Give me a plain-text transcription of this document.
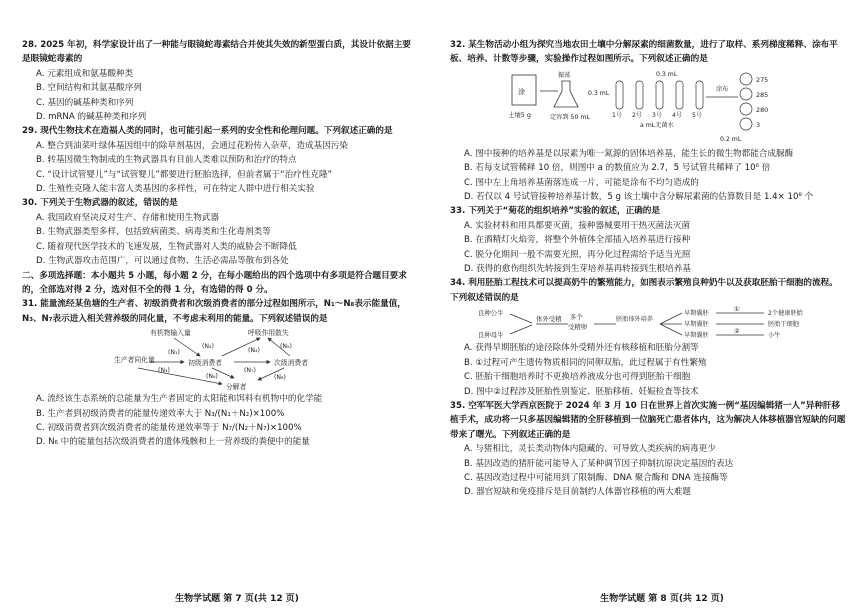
28. 2025 年初，科学家设计出了一种能与眼镜蛇毒素结合并使其失效的新型蛋白质，其设计依据主要是眼镜蛇毒素的
A. 元素组成和氨基酸种类
B. 空间结构和其氨基酸序列
C. 基因的碱基种类和序列
D. mRNA 的碱基种类和序列
29. 现代生物技术在造福人类的同时，也可能引起一系列的安全性和伦理问题。下列叙述正确的是
A. 整合到油菜叶绿体基因组中的除草剂基因，会通过花粉传入杂草，造成基因污染
B. 转基因微生物制成的生物武器具有目前人类难以预防和治疗的特点
C. “设计试管婴儿”与“试管婴儿”都要进行胚胎选择，但前者属于“治疗性克隆”
D. 生殖性克隆人能丰富人类基因的多样性，可在特定人群中进行相关实验
30. 下列关于生物武器的叙述，错误的是
A. 我国政府坚决反对生产、存储和使用生物武器
B. 生物武器类型多样，包括致病菌类、病毒类和生化毒剂类等
C. 随着现代医学技术的飞速发展，生物武器对人类的威胁会不断降低
D. 生物武器攻击范围广，可以通过食物、生活必需品等散布到各处
二、多项选择题：本小题共 5 小题，每小题 2 分，在每小题给出的四个选项中有多项是符合题目要求的，全部选对得 2 分，选对但不全的得 1 分，有选错的得 0 分。
31. 能量流经某鱼塘的生产者、初级消费者和次级消费者的部分过程如图所示，N₁～N₈表示能量值，N₃、N₇表示进入相关营养级的同化量，不考虑未利用的能量。下列叙述错误的是
有机物输入量	呼吸作用散失
生产者同化量	初级消费者	次级消费者
分解者
(N₁)
(N₂)
(N₃)
(N₄)
(N₅)
(N₆)
(N₇)
(N₈)
A. 流经该生态系统的总能量为生产者固定的太阳能和饵料有机物中的化学能
B. 生产者到初级消费者的能量传递效率大于 N₃/(N₁＋N₂)×100%
C. 初级消费者到次级消费者的能量传递效率等于 N₇/(N₂＋N₇)×100%
D. N₆ 中的能量包括次级消费者的遗体残骸和上一营养级的粪便中的能量
生物学试题 第 7 页(共 12 页)
32. 某生物活动小组为探究当地农田土壤中分解尿素的细菌数量，进行了取样、系列梯度稀释、涂布平板、培养、计数等步骤，实验操作过程如图所示。下列叙述正确的是
涂
土壤5 g
振荡
定容到 50 mL
0.3 mL
0.3 mL
1号 2号 3号 4号 5号
a mL无菌水
涂布
0.2 mL
275
285
280
3
A. 图中接种的培养基是以尿素为唯一氮源的固体培养基，能生长的微生物都能合成脲酶
B. 若每支试管稀释 10 倍，则图中 a 的数值应为 2.7，5 号试管共稀释了 10⁶ 倍
C. 图中左上角培养基菌落连成一片，可能是涂布不均匀造成的
D. 若仅以 4 号试管接种培养基计数，5 g 该土壤中含分解尿素菌的估算数目是 1.4× 10⁸ 个
33. 下列关于“菊花的组织培养”实验的叙述，正确的是
A. 实验材料和用具都要灭菌，接种器械要用干热灭菌法灭菌
B. 在酒精灯火焰旁，将整个外植体全部插入培养基进行接种
C. 脱分化期间一般不需要光照，再分化过程需给予适当光照
D. 获得的愈伤组织先转接到生芽培养基再转接到生根培养基
34. 利用胚胎工程技术可以提高奶牛的繁殖能力，如图表示繁殖良种奶牛以及获取胚胎干细胞的流程。下列叙述错误的是
良种公牛
良种母牛
体外受精 多个
受精卵
胚胎体外培养
早期囊胚
早期囊胚
早期囊胚
①
②
2个健康胚胎
胚胎干细胞
小牛
A. 获得早期胚胎的途径除体外受精外还有核移植和胚胎分割等
B. ①过程可产生遗传物质相同的同卵双胎，此过程属于有性繁殖
C. 胚胎干细胞培养时不更换培养液成分也可得到胚胎干细胞
D. 图中②过程涉及胚胎性别鉴定、胚胎移植、妊娠检查等技术
35. 空军军医大学西京医院于 2024 年 3 月 10 日在世界上首次实施一例“基因编辑猪一人”异种肝移植手术，成功将一只多基因编辑猪的全肝移植到一位脑死亡患者体内，这为解决人体移植器官短缺的问题带来了曙光。下列叙述正确的是
A. 与猪相比，灵长类动物体内隐藏的、可导致人类疾病的病毒更少
B. 基因改造的猪肝能可能导入了某种调节因子抑制抗原决定基因的表达
C. 基因改造过程中可能用到了限制酶、DNA 聚合酶和 DNA 连接酶等
D. 器官短缺和免疫排斥是目前制约人体器官移植的两大难题
生物学试题 第 8 页(共 12 页)
